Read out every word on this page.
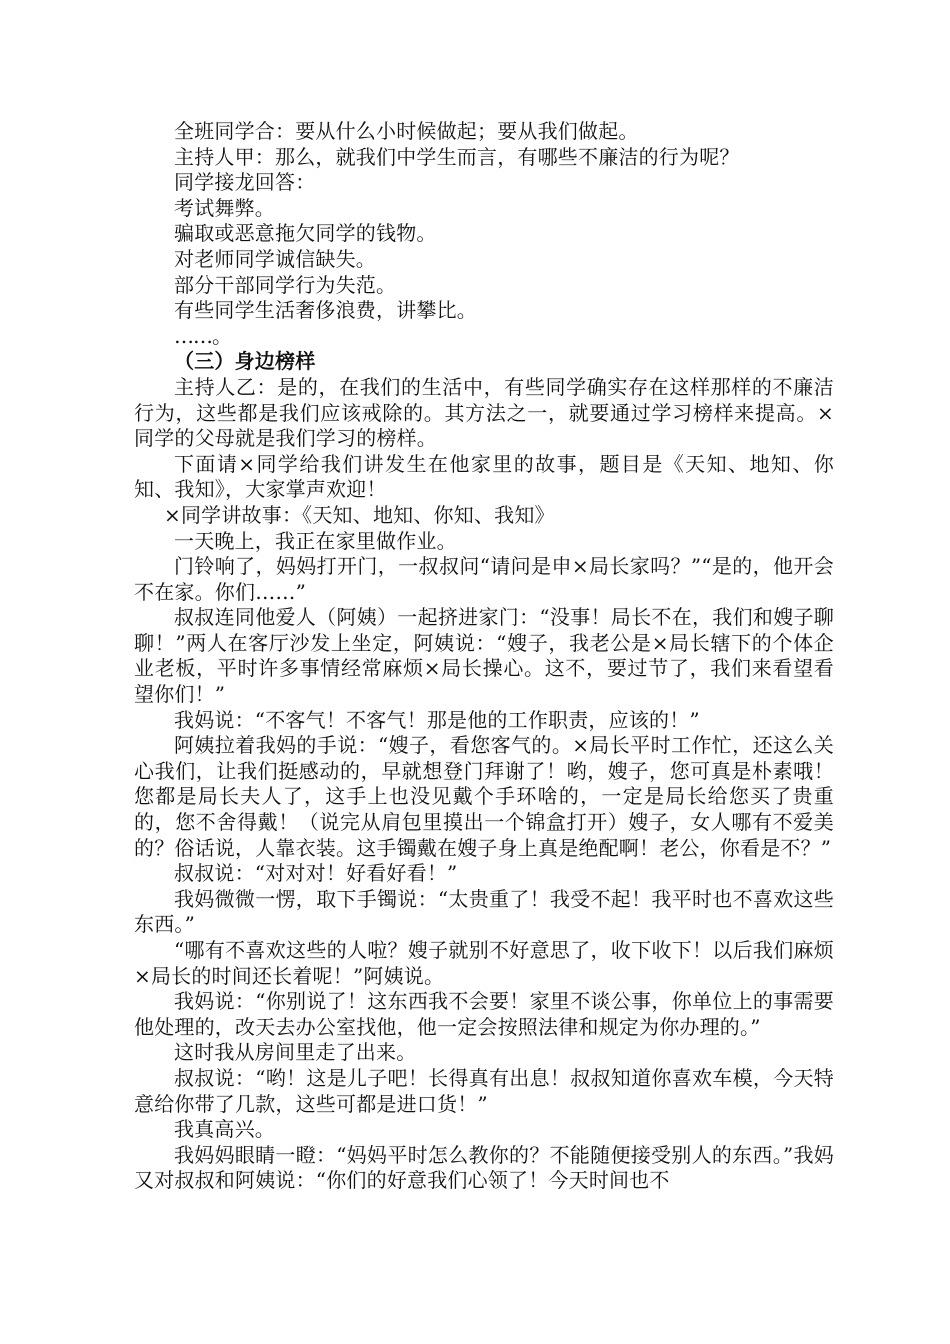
全班同学合：要从什么小时候做起；要从我们做起。

主持人甲：那么，就我们中学生而言，有哪些不廉洁的行为呢？

同学接龙回答：

考试舞弊。

骗取或恶意拖欠同学的钱物。

对老师同学诚信缺失。

部分干部同学行为失范。

有些同学生活奢侈浪费，讲攀比。

……。

（三）身边榜样

主持人乙：是的，在我们的生活中，有些同学确实存在这样那样的不廉洁行为，这些都是我们应该戒除的。其方法之一，就要通过学习榜样来提高。×同学的父母就是我们学习的榜样。

下面请×同学给我们讲发生在他家里的故事，题目是《天知、地知、你知、我知》，大家掌声欢迎！

×同学讲故事：《天知、地知、你知、我知》

一天晚上，我正在家里做作业。

门铃响了，妈妈打开门，一叔叔问“请问是申×局长家吗？”“是的，他开会不在家。你们……”

叔叔连同他爱人（阿姨）一起挤进家门：“没事！局长不在，我们和嫂子聊聊！”两人在客厅沙发上坐定，阿姨说：“嫂子，我老公是×局长辖下的个体企业老板，平时许多事情经常麻烦×局长操心。这不，要过节了，我们来看望看望你们！”

我妈说：“不客气！不客气！那是他的工作职责，应该的！”

阿姨拉着我妈的手说：“嫂子，看您客气的。×局长平时工作忙，还这么关心我们，让我们挺感动的，早就想登门拜谢了！哟，嫂子，您可真是朴素哦！您都是局长夫人了，这手上也没见戴个手环啥的，一定是局长给您买了贵重的，您不舍得戴！（说完从肩包里摸出一个锦盒打开）嫂子，女人哪有不爱美的？俗话说，人靠衣装。这手镯戴在嫂子身上真是绝配啊！老公，你看是不？”

叔叔说：“对对对！好看好看！”

我妈微微一愣，取下手镯说：“太贵重了！我受不起！我平时也不喜欢这些东西。”

“哪有不喜欢这些的人啦？嫂子就别不好意思了，收下收下！以后我们麻烦×局长的时间还长着呢！”阿姨说。

我妈说：“你别说了！这东西我不会要！家里不谈公事，你单位上的事需要他处理的，改天去办公室找他，他一定会按照法律和规定为你办理的。”

这时我从房间里走了出来。

叔叔说：“哟！这是儿子吧！长得真有出息！叔叔知道你喜欢车模，今天特意给你带了几款，这些可都是进口货！”

我真高兴。

我妈妈眼睛一瞪：“妈妈平时怎么教你的？不能随便接受别人的东西。”我妈又对叔叔和阿姨说：“你们的好意我们心领了！今天时间也不
